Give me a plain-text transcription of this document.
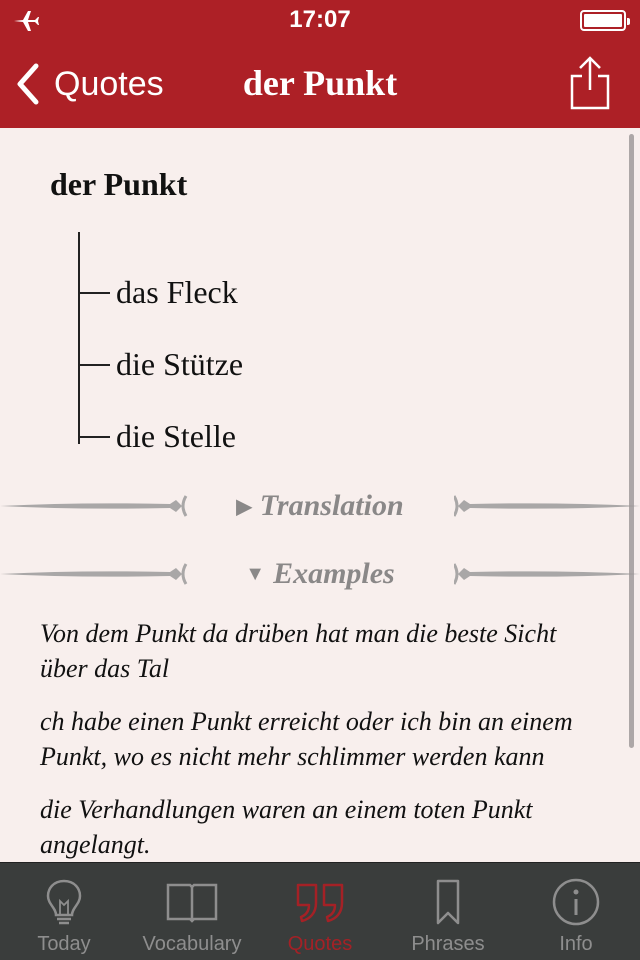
17:07
Quotes	der Punkt
der Punkt
das Fleck
die Stütze
die Stelle
▶ Translation
▼ Examples

Von dem Punkt da drüben hat man die beste Sicht über das Tal

ch habe einen Punkt erreicht oder ich bin an einem Punkt, wo es nicht mehr schlimmer werden kann

die Verhandlungen waren an einem toten Punkt angelangt.

Today	Vocabulary Quotes	Phrases	Info
